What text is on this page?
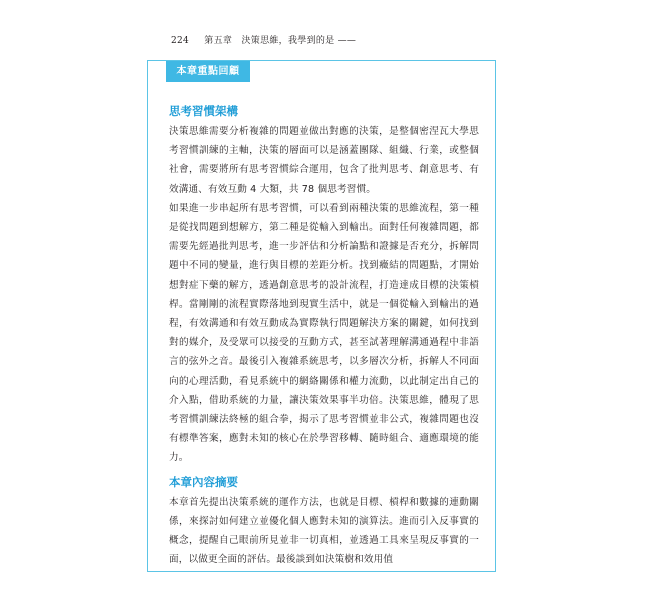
224 第五章　決策思維，我學到的是 ——
本章重點回顧
思考習慣架構

決策思維需要分析複雜的問題並做出對應的決策，是整個密涅瓦大學思考習慣訓練的主軸，決策的層面可以是涵蓋團隊、組織、行業，或整個社會，需要將所有思考習慣綜合運用，包含了批判思考、創意思考、有效溝通、有效互動 4 大類，共 78 個思考習慣。

如果進一步串起所有思考習慣，可以看到兩種決策的思維流程，第一種是從找問題到想解方，第二種是從輸入到輸出。面對任何複雜問題，都需要先經過批判思考，進一步評估和分析論點和證據是否充分，拆解問題中不同的變量，進行與目標的差距分析。找到癥結的問題點，才開始想對症下藥的解方，透過創意思考的設計流程，打造達成目標的決策槓桿。當剛剛的流程實際落地到現實生活中，就是一個從輸入到輸出的過程，有效溝通和有效互動成為實際執行問題解決方案的關鍵，如何找到對的媒介，及受眾可以接受的互動方式，甚至試著理解溝通過程中非語言的弦外之音。最後引入複雜系統思考，以多層次分析，拆解人不同面向的心理活動，看見系統中的網絡關係和權力流動，以此制定出自己的介入點，借助系統的力量，讓決策效果事半功倍。決策思維，體現了思考習慣訓練法終極的組合拳，揭示了思考習慣並非公式，複雜問題也沒有標準答案，應對未知的核心在於學習移轉、隨時組合、適應環境的能力。

本章內容摘要

本章首先提出決策系統的運作方法，也就是目標、槓桿和數據的連動關係，來探討如何建立並優化個人應對未知的演算法。進而引入反事實的概念，提醒自己眼前所見並非一切真相，並透過工具來呈現反事實的一面，以做更全面的評估。最後談到如決策樹和效用值
